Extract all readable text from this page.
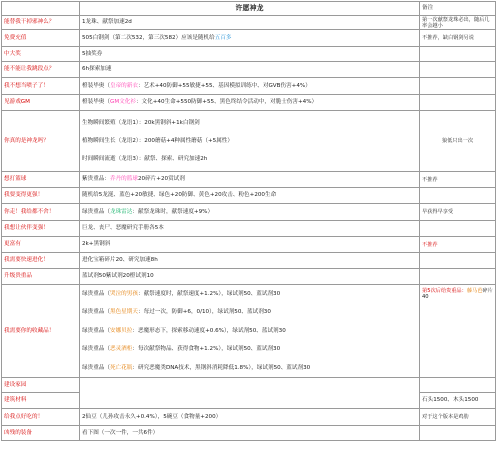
	许愿神龙	备注
能替我干掉邪神么？	1龙珠、献祭加速2d	第一次献祭龙珠必出，随后几率会越小
免费充值	505白钢剑（第二次532，第三次582）应该是随机给五百多	不推荐，缺白钢剑另说
中大奖	5抽奖券	
能不能让我跳段点？	6h探索加速	
我不想当喷子了！	橙装毕奥（皇帝的新衣：艺术+40防御+55敏捷+55、基因模拟训练中、对GVB伤害+4%）	
见游戏GM	橙装毕奥（GM文化衫：文化+40生命+550防御+55、黑色终结令活动中，对脆士伤害+4%）	
你真的是神龙吗？	生物瞬间繁殖（龙语1）：20k黑钢斜+1k白钢剑
植物瞬间生长（龙语2）：200蘑菇+4种属性蘑菇（+5属性）
时间瞬间流逝（龙语3）：献祭、探索、研究加速2h	狼低只出一次
想打篮球	紫贵重品：乔丹的篮球20碎片+20赏试剂	不推荐
我要变得更强！	随机给5龙涎、蓝色+20敏捷、绿色+20防御、黄色+20攻击、粉色+200生命	
你走！我给都不舍！	绿贵重品（龙珠雷达：献祭龙珠时，献祭速度+9%）	早获得早享受
我想让伙伴变强！	巨龙、丧尸、恶魔研究手册各5本	
更富有	2k+黑钢斜	不推荐
我需要快速进化！	进化宝箱碎片20、研究加速8h	
升级贵重品	蓝试剂50紫试剂20橙试剂10	
我需要你的收藏品！	绿贵重品（哭泣的男孩：献祭速度时，献祭速度+1.2%），绿试剂50、蓝试剂30
绿贵重品（黑色星期天：每过一次，防御+6，0/10），绿试剂50、蓝试剂30
绿贵重品（安娜贝拉：恶魔形态下，探索移动速度+0.6%），绿试剂50、蓝试剂30
绿贵重品（恶灵酒柜：每次献祭物品、获得食物+1.2%），绿试剂50、蓝试剂30
绿贵重品（死亡花瓶：研究恶魔类DNA技术，黑钢斜消耗降低1.8%），绿试剂50、蓝试剂30	第5次后给贵重品：藤马芭碎片40
建设家园		
建筑材料		石头1500、木头1500
给我点好吃的！	2仙豆（儿孙攻击永久+0.4%），5碗豆（食物量+200）	对于这个版本是鸡肋
凶残的装备	看下图（一次一件，一共6件）	
